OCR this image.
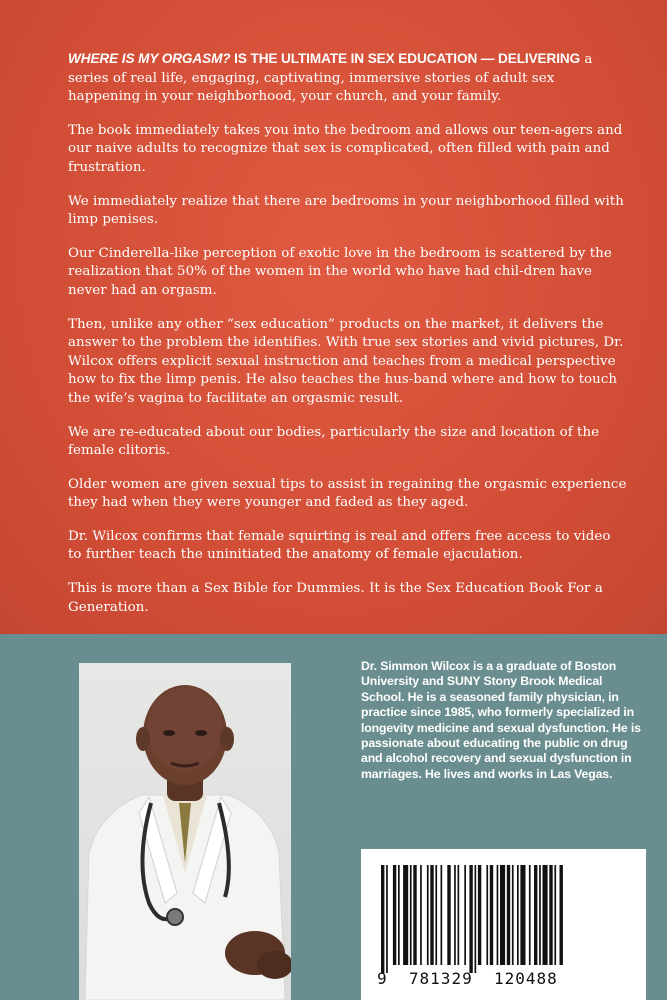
WHERE IS MY ORGASM? IS THE ULTIMATE IN SEX EDUCATION — DELIVERING a series of real life, engaging, captivating, immersive stories of adult sex happening in your neighborhood, your church, and your family.

The book immediately takes you into the bedroom and allows our teen-agers and our naive adults to recognize that sex is complicated, often filled with pain and frustration.

We immediately realize that there are bedrooms in your neighborhood filled with limp penises.

Our Cinderella-like perception of exotic love in the bedroom is scattered by the realization that 50% of the women in the world who have had chil-dren have never had an orgasm.

Then, unlike any other “sex education” products on the market, it delivers the answer to the problem the identifies. With true sex stories and vivid pictures, Dr. Wilcox offers explicit sexual instruction and teaches from a medical perspective how to fix the limp penis. He also teaches the hus-band where and how to touch the wife’s vagina to facilitate an orgasmic result.

We are re-educated about our bodies, particularly the size and location of the female clitoris.

Older women are given sexual tips to assist in regaining the orgasmic experience they had when they were younger and faded as they aged.

Dr. Wilcox confirms that female squirting is real and offers free access to video to further teach the uninitiated the anatomy of female ejaculation.

This is more than a Sex Bible for Dummies. It is the Sex Education Book For a Generation.

Dr. Simmon Wilcox is a a graduate of Boston University and SUNY Stony Brook Medical School. He is a seasoned family physician, in practice since 1985, who formerly specialized in longevity medicine and sexual dysfunction. He is passionate about educating the public on drug and alcohol recovery and sexual dysfunction in marriages. He lives and works in Las Vegas.
9 781329 120488
